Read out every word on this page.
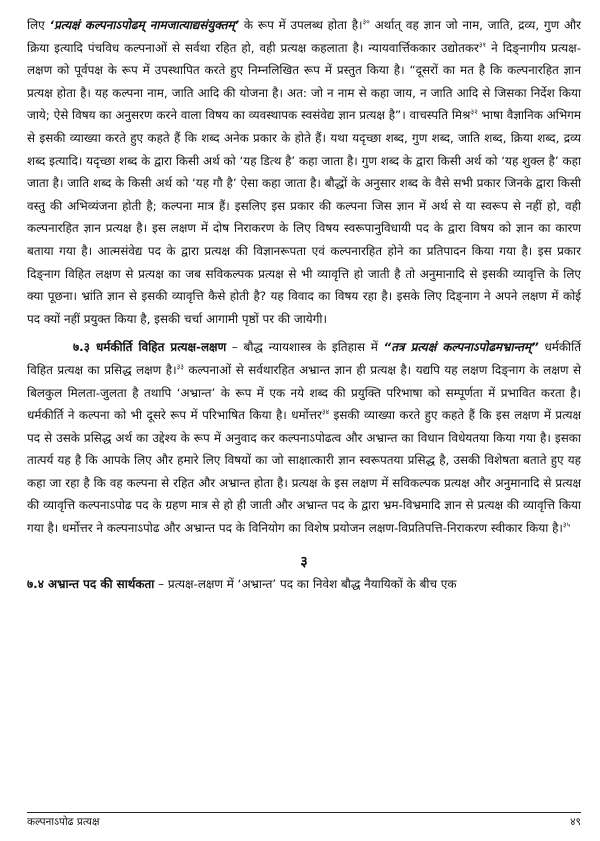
लिए ‘प्रत्यक्षं कल्पनाऽपोढम् नामजात्याद्यसंयुक्तम्’ के रूप में उपलब्ध होता है।$^{३०}$ अर्थात् वह ज्ञान जो नाम, जाति, द्रव्य, गुण और क्रिया इत्यादि पंचविध कल्पनाओं से सर्वथा रहित हो, वही प्रत्यक्ष कहलाता है। न्यायवार्त्तिककार उद्योतकर$^{३१}$ ने दिङ्नागीय प्रत्यक्ष-लक्षण को पूर्वपक्ष के रूप में उपस्थापित करते हुए निम्नलिखित रूप में प्रस्तुत किया है। “दूसरों का मत है कि कल्पनारहित ज्ञान प्रत्यक्ष होता है। यह कल्पना नाम, जाति आदि की योजना है। अत: जो न नाम से कहा जाय, न जाति आदि से जिसका निर्देश किया जाये; ऐसे विषय का अनुसरण करने वाला विषय का व्यवस्थापक स्वसंवेद्य ज्ञान प्रत्यक्ष है”। वाचस्पति मिश्र$^{३२}$ भाषा वैज्ञानिक अभिगम से इसकी व्याख्या करते हुए कहते हैं कि शब्द अनेक प्रकार के होते हैं। यथा यदृच्छा शब्द, गुण शब्द, जाति शब्द, क्रिया शब्द, द्रव्य शब्द इत्यादि। यदृच्छा शब्द के द्वारा किसी अर्थ को ‘यह डित्थ है’ कहा जाता है। गुण शब्द के द्वारा किसी अर्थ को ‘यह शुक्ल है’ कहा जाता है। जाति शब्द के किसी अर्थ को ‘यह गौ है’ ऐसा कहा जाता है। बौद्धों के अनुसार शब्द के वैसे सभी प्रकार जिनके द्वारा किसी वस्तु की अभिव्यंजना होती है; कल्पना मात्र हैं। इसलिए इस प्रकार की कल्पना जिस ज्ञान में अर्थ से या स्वरूप से नहीं हो, वही कल्पनारहित ज्ञान प्रत्यक्ष है। इस लक्षण में दोष निराकरण के लिए विषय स्वरूपानुविधायी पद के द्वारा विषय को ज्ञान का कारण बताया गया है। आत्मसंवेद्य पद के द्वारा प्रत्यक्ष की विज्ञानरूपता एवं कल्पनारहित होने का प्रतिपादन किया गया है। इस प्रकार दिङ्नाग विहित लक्षण से प्रत्यक्ष का जब सविकल्पक प्रत्यक्ष से भी व्यावृत्ति हो जाती है तो अनुमानादि से इसकी व्यावृत्ति के लिए क्या पूछना। भ्रांति ज्ञान से इसकी व्यावृत्ति कैसे होती है? यह विवाद का विषय रहा है। इसके लिए दिङ्नाग ने अपने लक्षण में कोई पद क्यों नहीं प्रयुक्त किया है, इसकी चर्चा आगामी पृष्ठों पर की जायेगी।

७.३ धर्मकीर्ति विहित प्रत्यक्ष-लक्षण – बौद्ध न्यायशास्त्र के इतिहास में “तत्र प्रत्यक्षं कल्पनाऽपोढमभ्रान्तम्” धर्मकीर्ति विहित प्रत्यक्ष का प्रसिद्ध लक्षण है।$^{३३}$ कल्पनाओं से सर्वथारहित अभ्रान्त ज्ञान ही प्रत्यक्ष है। यद्यपि यह लक्षण दिङ्नाग के लक्षण से बिलकुल मिलता-जुलता है तथापि ‘अभ्रान्त’ के रूप में एक नये शब्द की प्रयुक्ति परिभाषा को सम्पूर्णता में प्रभावित करता है। धर्मकीर्ति ने कल्पना को भी दूसरे रूप में परिभाषित किया है। धर्मोत्तर$^{३४}$ इसकी व्याख्या करते हुए कहते हैं कि इस लक्षण में प्रत्यक्ष पद से उसके प्रसिद्ध अर्थ का उद्देश्य के रूप में अनुवाद कर कल्पनाऽपोढत्व और अभ्रान्त का विधान विधेयतया किया गया है। इसका तात्पर्य यह है कि आपके लिए और हमारे लिए विषयों का जो साक्षात्कारी ज्ञान स्वरूपतया प्रसिद्ध है, उसकी विशेषता बताते हुए यह कहा जा रहा है कि वह कल्पना से रहित और अभ्रान्त होता है। प्रत्यक्ष के इस लक्षण में सविकल्पक प्रत्यक्ष और अनुमानादि से प्रत्यक्ष की व्यावृत्ति कल्पनाऽपोढ पद के ग्रहण मात्र से हो ही जाती और अभ्रान्त पद के द्वारा भ्रम-विभ्रमादि ज्ञान से प्रत्यक्ष की व्यावृत्ति किया गया है। धर्मोत्तर ने कल्पनाऽपोढ और अभ्रान्त पद के विनियोग का विशेष प्रयोजन लक्षण-विप्रतिपत्ति-निराकरण स्वीकार किया है।$^{३५}$

३

७.४ अभ्रान्त पद की सार्थकता – प्रत्यक्ष-लक्षण में ‘अभ्रान्त’ पद का निवेश बौद्ध नैयायिकों के बीच एक

कल्पनाऽपोढ प्रत्यक्ष	४९
